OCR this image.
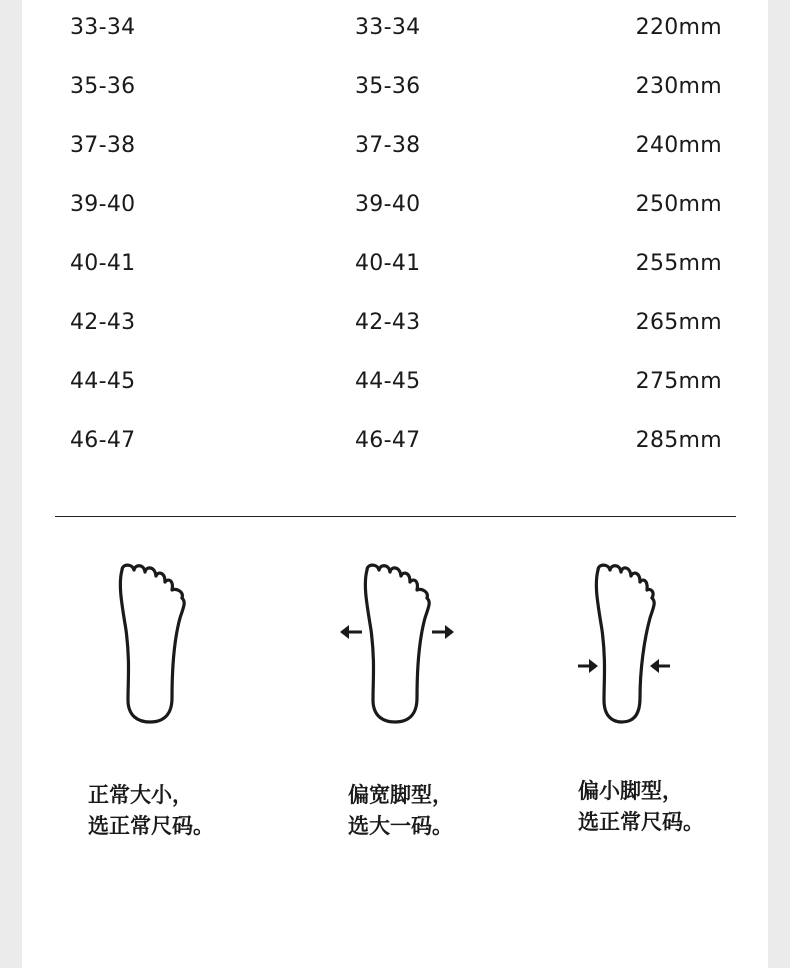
33-34	33-34	220mm
35-36	35-36	230mm
37-38	37-38	240mm
39-40	39-40	250mm
40-41	40-41	255mm
42-43	42-43	265mm
44-45	44-45	275mm
46-47	46-47	285mm
正常大小，
选正常尺码。
偏宽脚型，
选大一码。
偏小脚型，
选正常尺码。
